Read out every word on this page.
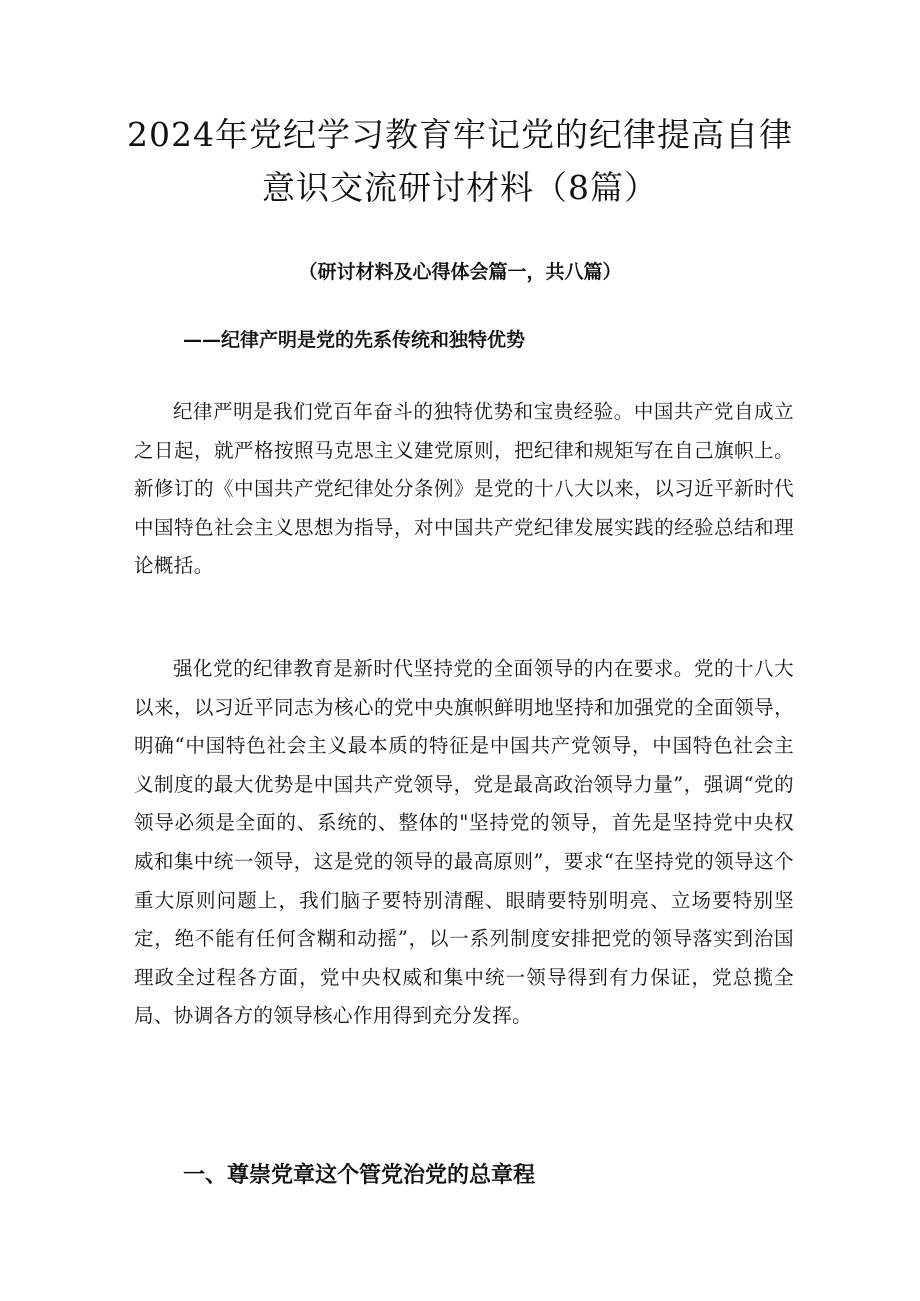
2024年党纪学习教育牢记党的纪律提高自律意识交流研讨材料（8篇）
（研讨材料及心得体会篇一，共八篇）
——纪律产明是党的先系传统和独特优势

纪律严明是我们党百年奋斗的独特优势和宝贵经验。中国共产党自成立之日起，就严格按照马克思主义建党原则，把纪律和规矩写在自己旗帜上。新修订的《中国共产党纪律处分条例》是党的十八大以来，以习近平新时代中国特色社会主义思想为指导，对中国共产党纪律发展实践的经验总结和理论概括。

强化党的纪律教育是新时代坚持党的全面领导的内在要求。党的十八大以来，以习近平同志为核心的党中央旗帜鲜明地坚持和加强党的全面领导，明确“中国特色社会主义最本质的特征是中国共产党领导，中国特色社会主义制度的最大优势是中国共产党领导，党是最高政治领导力量”，强调“党的领导必须是全面的、系统的、整体的"坚持党的领导，首先是坚持党中央权威和集中统一领导，这是党的领导的最高原则”，要求“在坚持党的领导这个重大原则问题上，我们脑子要特别清醒、眼睛要特别明亮、立场要特别坚定，绝不能有任何含糊和动摇”，以一系列制度安排把党的领导落实到治国理政全过程各方面，党中央权威和集中统一领导得到有力保证，党总揽全局、协调各方的领导核心作用得到充分发挥。

一、尊崇党章这个管党治党的总章程
